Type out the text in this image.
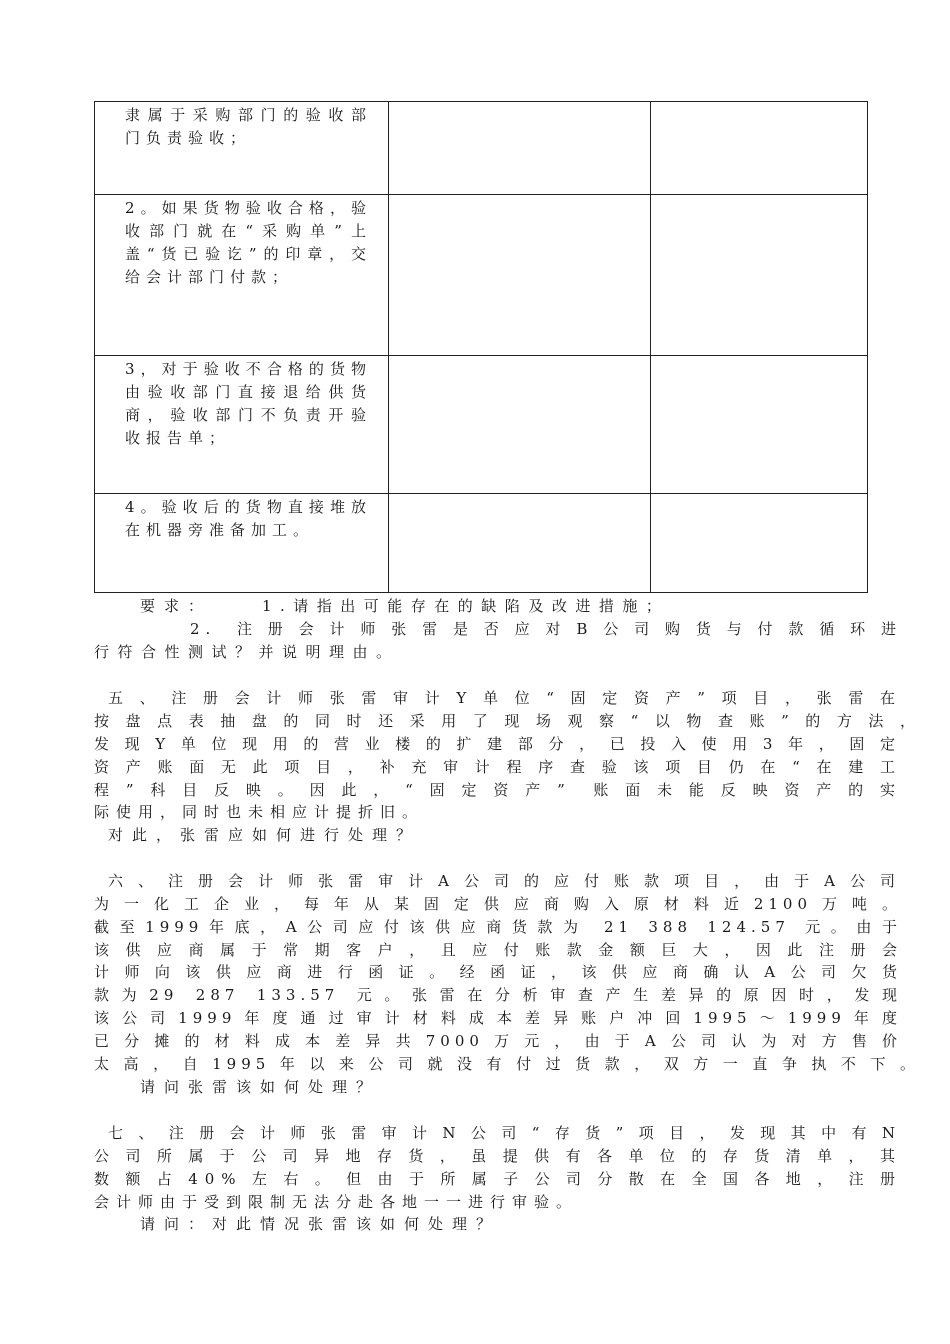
隶属于采购部门的验收部门负责验收；		

2。如果货物验收合格，验收部门就在“采购单”上盖“货已验讫”的印章，交给会计部门付款；		

3，对于验收不合格的货物由验收部门直接退给供货商，验收部门不负责开验收报告单；		

4。验收后的货物直接堆放在机器旁准备加工。		

要求：	1.请指出可能存在的缺陷及改进措施；
2. 注册会计师张雷是否应对B公司购货与付款循环进
行符合性测试？并说明理由。

五、注册会计师张雷审计Y单位“固定资产”项目，张雷在

按盘点表抽盘的同时还采用了现场观察“以物查账”的方法，

发现Y单位现用的营业楼的扩建部分，已投入使用3年，固定

资产账面无此项目，补充审计程序查验该项目仍在“在建工

程”科目反映。因此，“固定资产” 账面未能反映资产的实

际使用，同时也未相应计提折旧。

对此，张雷应如何进行处理？

六、注册会计师张雷审计A公司的应付账款项目，由于A公司

为一化工企业，每年从某固定供应商购入原材料近2100万吨。

截至1999年底，A公司应付该供应商货款为 21 388 124.57 元。由于

该供应商属于常期客户，且应付账款金额巨大，因此注册会

计师向该供应商进行函证。经函证，该供应商确认A公司欠货

款为29 287 133.57 元。张雷在分析审查产生差异的原因时，发现

该公司1999年度通过审计材料成本差异账户冲回1995～1999年度

已分摊的材料成本差异共7000万元，由于A公司认为对方售价

太高，自1995年以来公司就没有付过货款，双方一直争执不下。

请问张雷该如何处理？

七、注册会计师张雷审计N公司“存货”项目，发现其中有N

公司所属于公司异地存货，虽提供有各单位的存货清单，其

数额占40%左右。但由于所属子公司分散在全国各地，注册

会计师由于受到限制无法分赴各地一一进行审验。

请问：对此情况张雷该如何处理？
